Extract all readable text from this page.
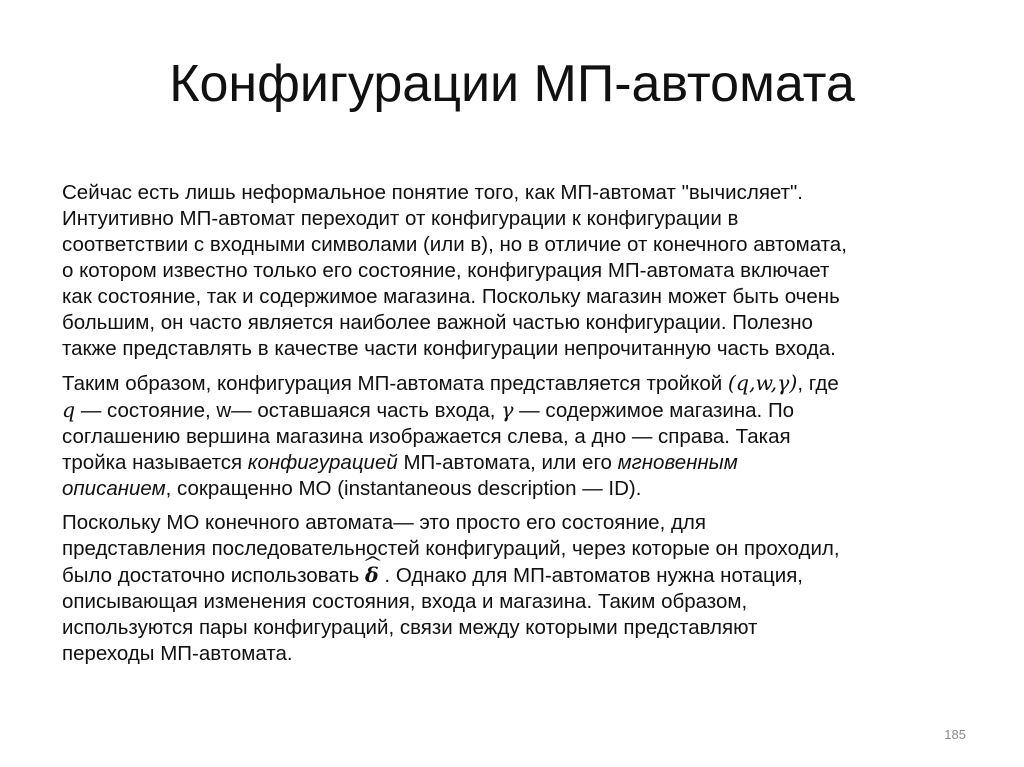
Конфигурации МП-автомата

Сейчас есть лишь неформальное понятие того, как МП-автомат "вычисляет".
Интуитивно МП-автомат переходит от конфигурации к конфигурации в
соответствии с входными символами (или в), но в отличие от конечного автомата,
о котором известно только его состояние, конфигурация МП-автомата включает
как состояние, так и содержимое магазина. Поскольку магазин может быть очень
большим, он часто является наиболее важной частью конфигурации. Полезно
также представлять в качестве части конфигурации непрочитанную часть входа.

Таким образом, конфигурация МП-автомата представляется тройкой (q,w,γ), где
q — состояние, w— оставшаяся часть входа, γ — содержимое магазина. По
соглашению вершина магазина изображается слева, а дно — справа. Такая
тройка называется конфигурацией МП-автомата, или его мгновенным
описанием, сокращенно МО (instantaneous description — ID).

Поскольку МО конечного автомата— это просто его состояние, для
представления последовательностей конфигураций, через которые он проходил,
было достаточно использовать ^ δ . Однако для МП-автоматов нужна нотация,
описывающая изменения состояния, входа и магазина. Таким образом,
используются пары конфигураций, связи между которыми представляют
переходы МП-автомата.

185
